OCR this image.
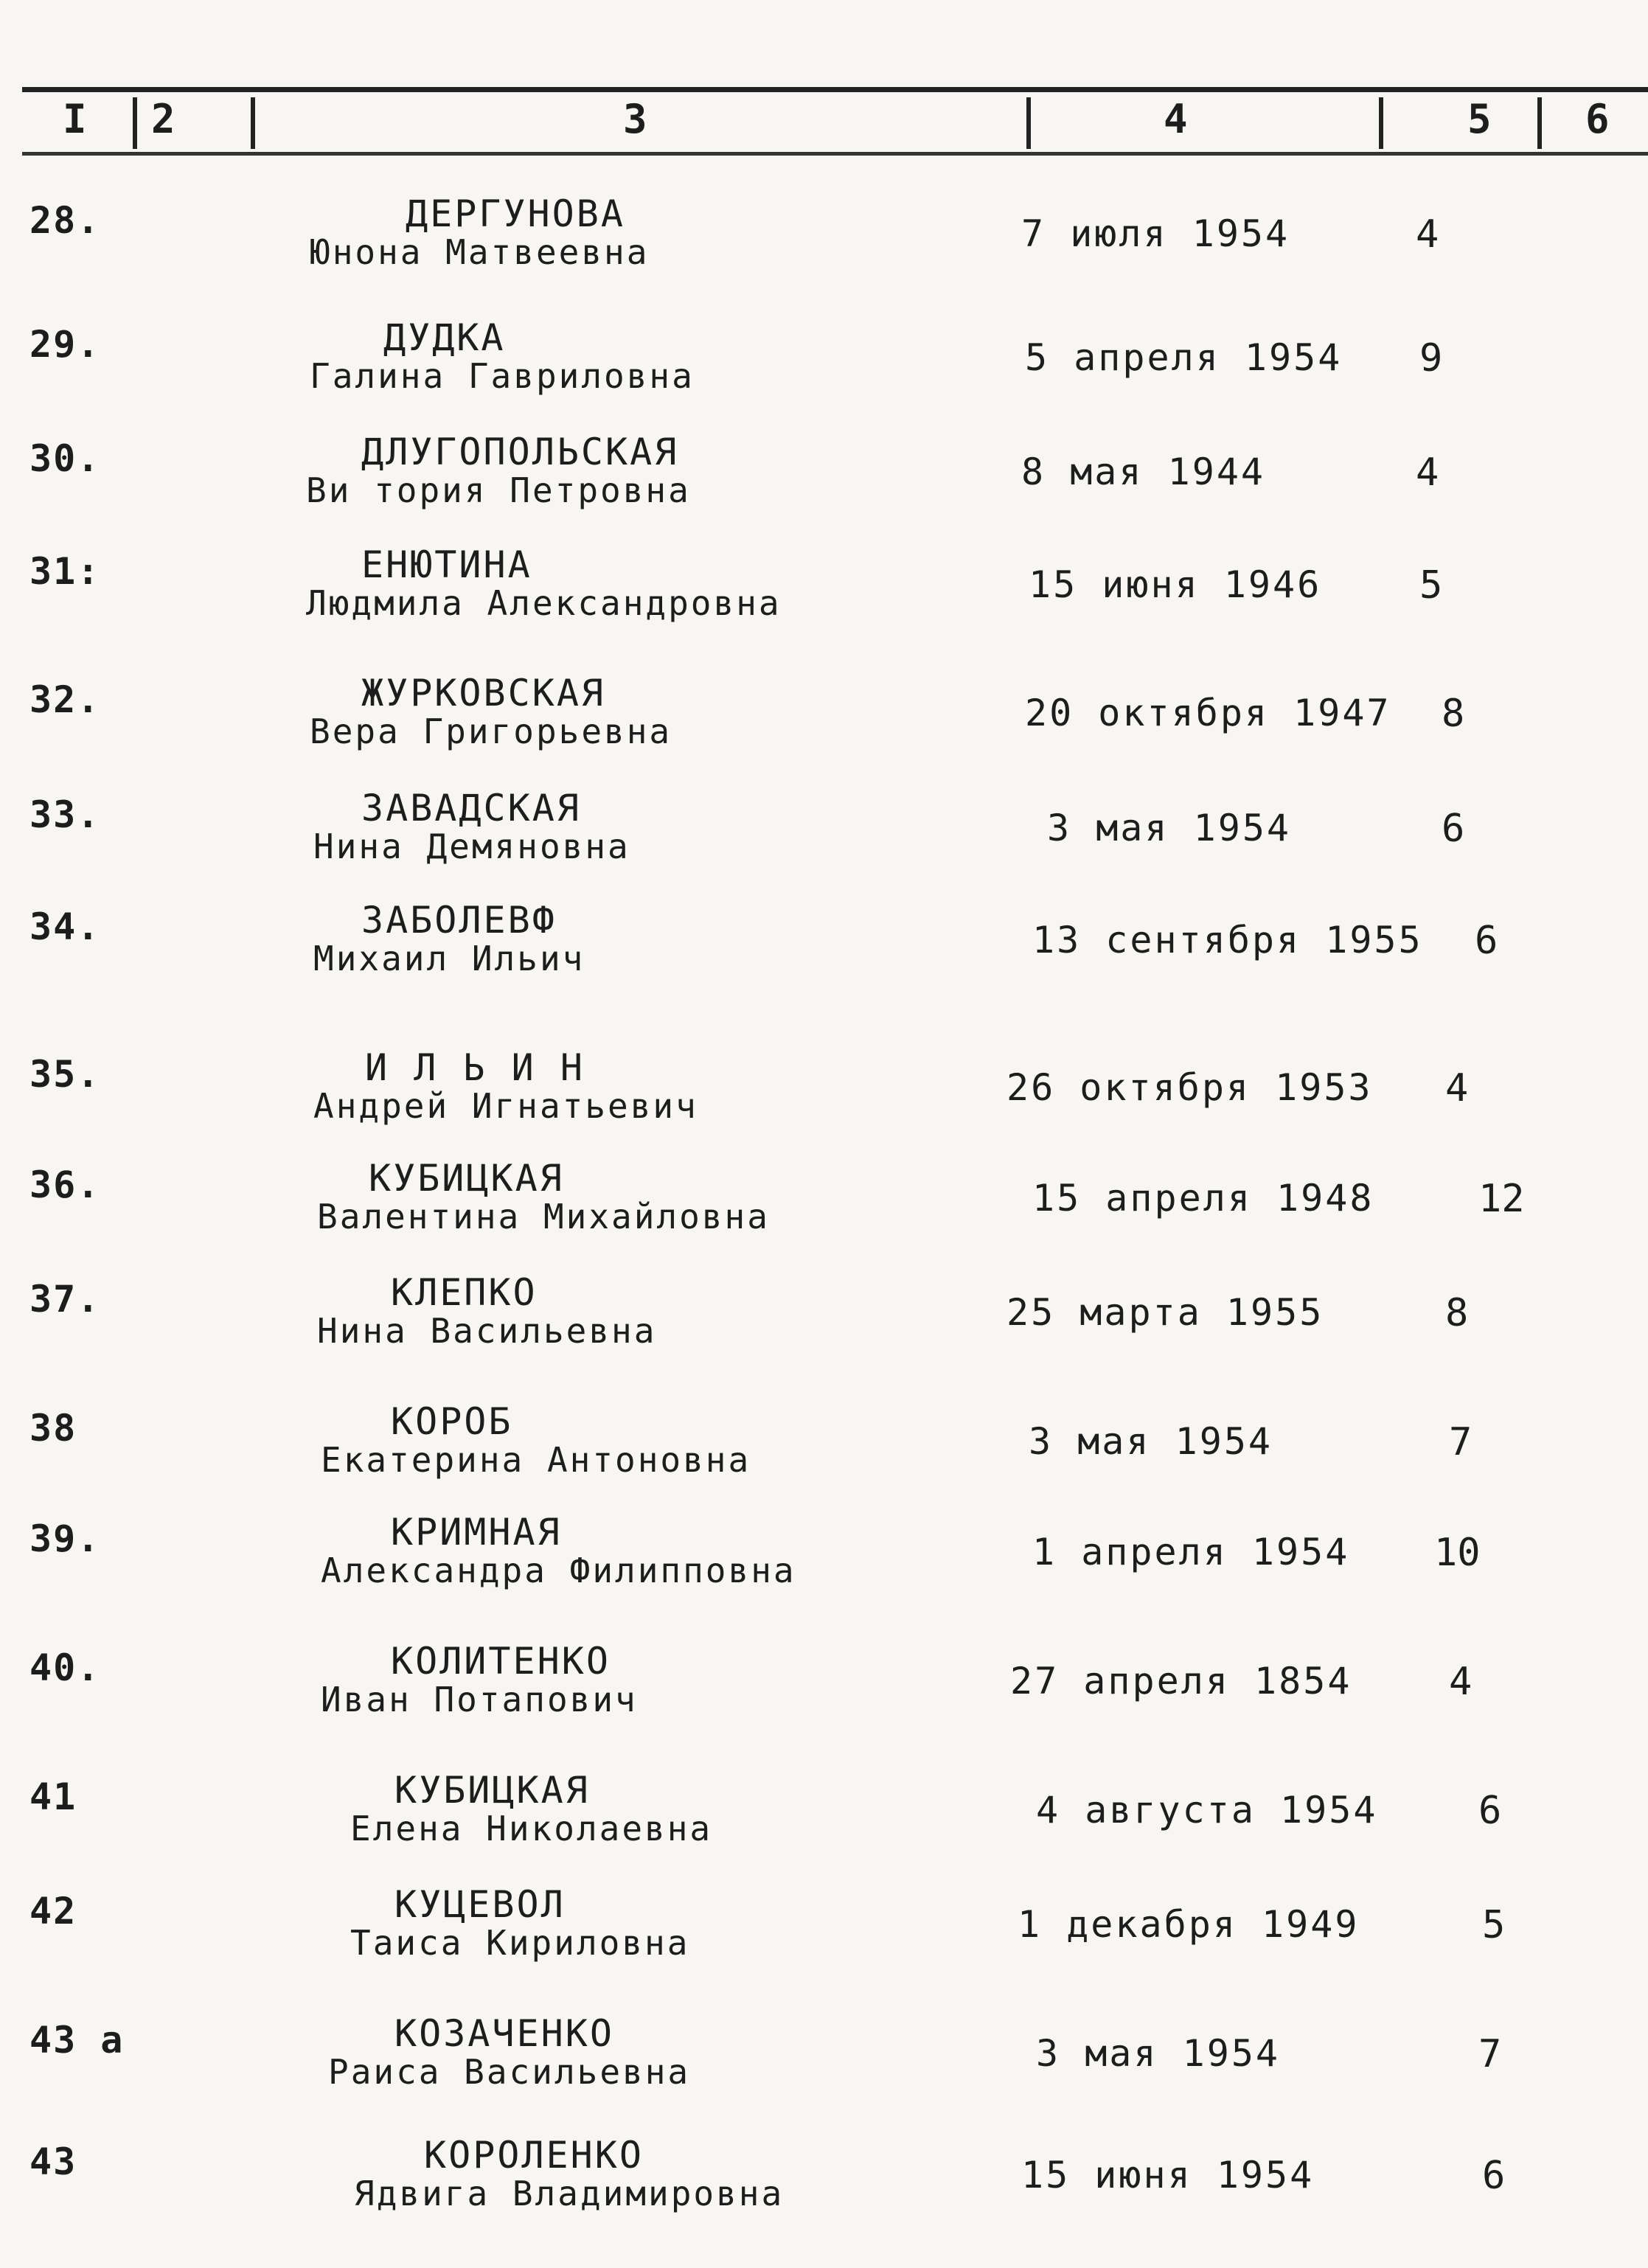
I 2	3	4	5 6
28.	ДЕРГУНОВА
Юнона Матвеевна	7 июля 1954	4
29.	ДУДКА
Галина Гавриловна	5 апреля 1954 9
30.	ДЛУГОПОЛЬСКАЯ
Ви тория Петровна	8 мая 1944	4
31:	ЕНЮТИНА
Людмила Александровна	15 июня 1946	5
32.	ЖУРКОВСКАЯ
Вера Григорьевна	20 октября 1947 8
33.	ЗАВАДСКАЯ
Нина Демяновна	3 мая 1954	6
34.	ЗАБОЛЕВФ
Михаил Ильич	13 сентября 1955 6
35.	И Л Ь И Н
Андрей Игнатьевич	26 октября 1953 4
36.	КУБИЦКАЯ
Валентина Михайловна	15 апреля 1948	12
37.	КЛЕПКО
Нина Васильевна	25 марта 1955	8
38	КОРОБ
Екатерина Антоновна	3 мая 1954	7
39.	КРИМНАЯ
Александра Филипповна	1 апреля 1954 10
40.	КОЛИТЕНКО
Иван Потапович	27 апреля 1854	4
41	КУБИЦКАЯ
Елена Николаевна	4 августа 1954	6
42	КУЦЕВОЛ
Таиса Кириловна	1 декабря 1949	5
43 а	КОЗАЧЕНКО
Раиса Васильевна	3 мая 1954	7
43	КОРОЛЕНКО
Ядвига Владимировна	15 июня 1954	6
